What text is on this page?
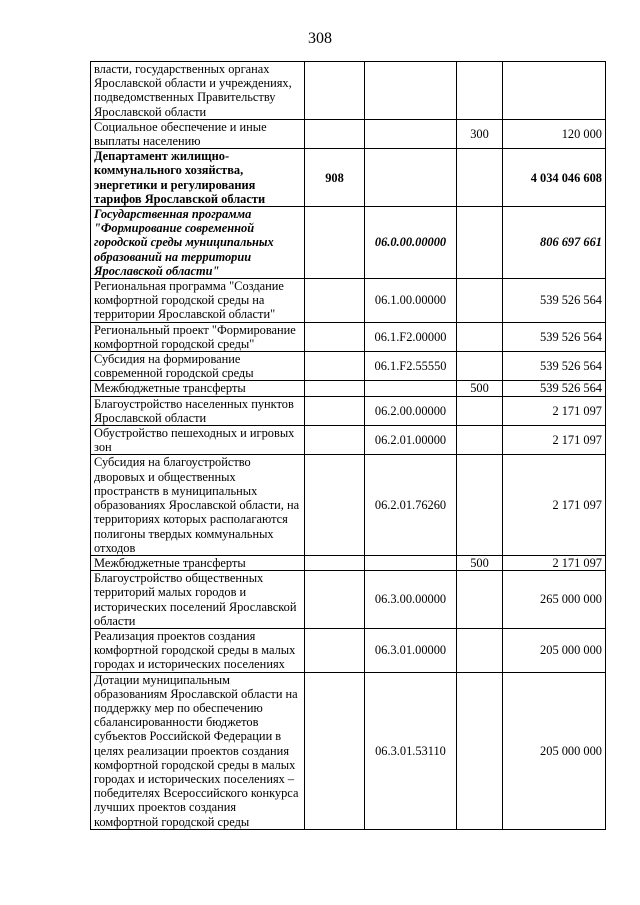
308
власти, государственных органах Ярославской области и учреждениях, подведомственных Правительству Ярославской области				
Социальное обеспечение и иные выплаты населению			300	120 000
Департамент жилищно-коммунального хозяйства, энергетики и регулирования тарифов Ярославской области	908			4 034 046 608
Государственная программа "Формирование современной городской среды муниципальных образований на территории Ярославской области"		06.0.00.00000		806 697 661
Региональная программа "Создание комфортной городской среды на территории Ярославской области"		06.1.00.00000		539 526 564
Региональный проект "Формирование комфортной городской среды"		06.1.F2.00000		539 526 564
Субсидия на формирование современной городской среды		06.1.F2.55550		539 526 564
Межбюджетные трансферты			500	539 526 564
Благоустройство населенных пунктов Ярославской области		06.2.00.00000		2 171 097
Обустройство пешеходных и игровых зон		06.2.01.00000		2 171 097
Субсидия на благоустройство дворовых и общественных пространств в муниципальных образованиях Ярославской области, на территориях которых располагаются полигоны твердых коммунальных отходов		06.2.01.76260		2 171 097
Межбюджетные трансферты			500	2 171 097
Благоустройство общественных территорий малых городов и исторических поселений Ярославской области		06.3.00.00000		265 000 000
Реализация проектов создания комфортной городской среды в малых городах и исторических поселениях		06.3.01.00000		205 000 000
Дотации муниципальным образованиям Ярославской области на поддержку мер по обеспечению сбалансированности бюджетов субъектов Российской Федерации в целях реализации проектов создания комфортной городской среды в малых городах и исторических поселениях – победителях Всероссийского конкурса лучших проектов создания комфортной городской среды		06.3.01.53110		205 000 000
